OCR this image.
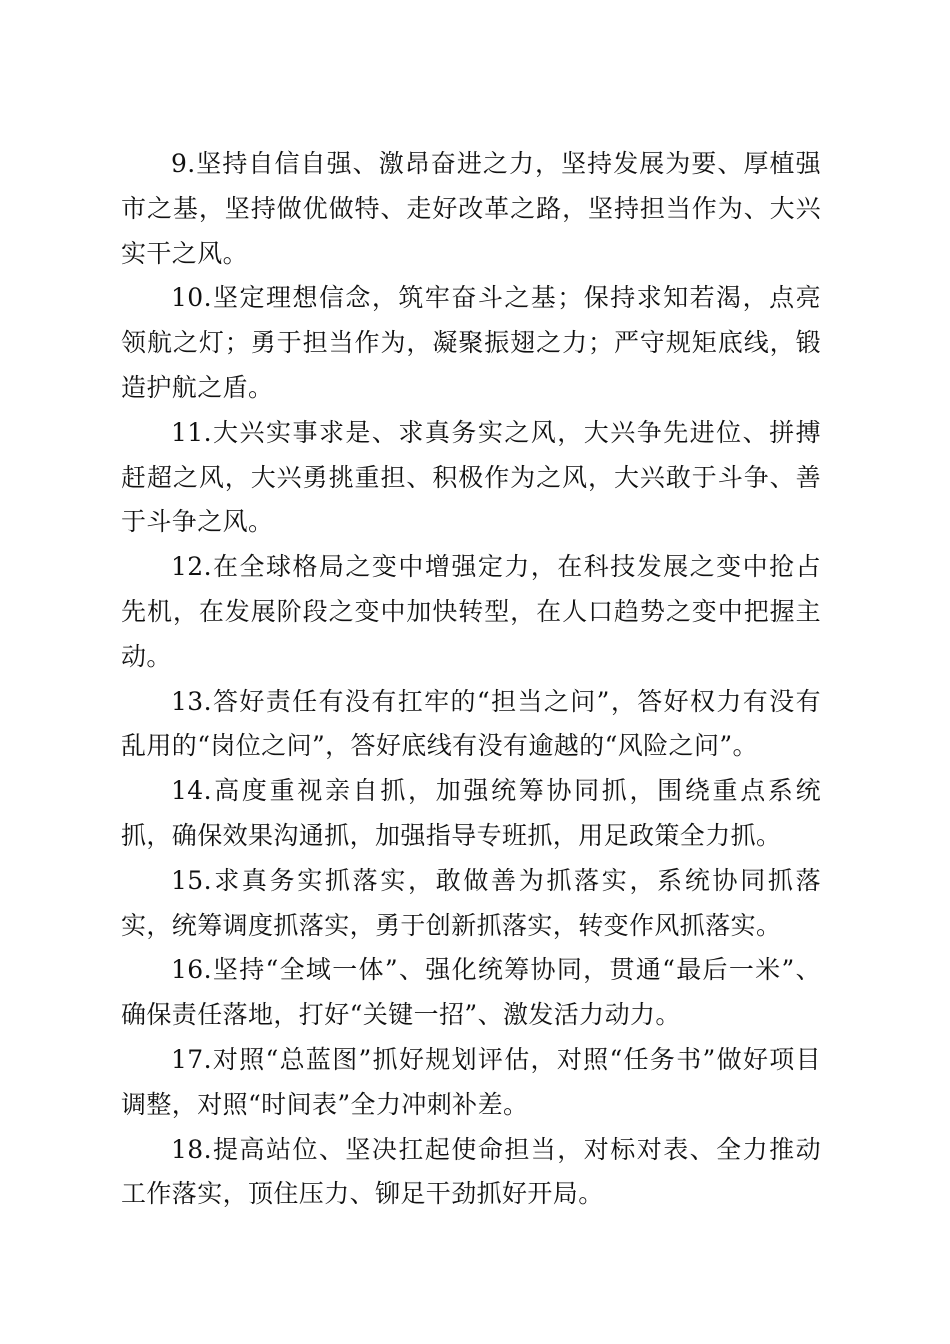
9.坚持自信自强、激昂奋进之力，坚持发展为要、厚植强市之基，坚持做优做特、走好改革之路，坚持担当作为、大兴实干之风。

10.坚定理想信念，筑牢奋斗之基；保持求知若渴，点亮领航之灯；勇于担当作为，凝聚振翅之力；严守规矩底线，锻造护航之盾。

11.大兴实事求是、求真务实之风，大兴争先进位、拼搏赶超之风，大兴勇挑重担、积极作为之风，大兴敢于斗争、善于斗争之风。

12.在全球格局之变中增强定力，在科技发展之变中抢占先机，在发展阶段之变中加快转型，在人口趋势之变中把握主动。

13.答好责任有没有扛牢的“担当之问”，答好权力有没有乱用的“岗位之问”，答好底线有没有逾越的“风险之问”。

14.高度重视亲自抓，加强统筹协同抓，围绕重点系统抓，确保效果沟通抓，加强指导专班抓，用足政策全力抓。

15.求真务实抓落实，敢做善为抓落实，系统协同抓落实，统筹调度抓落实，勇于创新抓落实，转变作风抓落实。

16.坚持“全域一体”、强化统筹协同，贯通“最后一米”、确保责任落地，打好“关键一招”、激发活力动力。

17.对照“总蓝图”抓好规划评估，对照“任务书”做好项目调整，对照“时间表”全力冲刺补差。

18.提高站位、坚决扛起使命担当，对标对表、全力推动工作落实，顶住压力、铆足干劲抓好开局。
